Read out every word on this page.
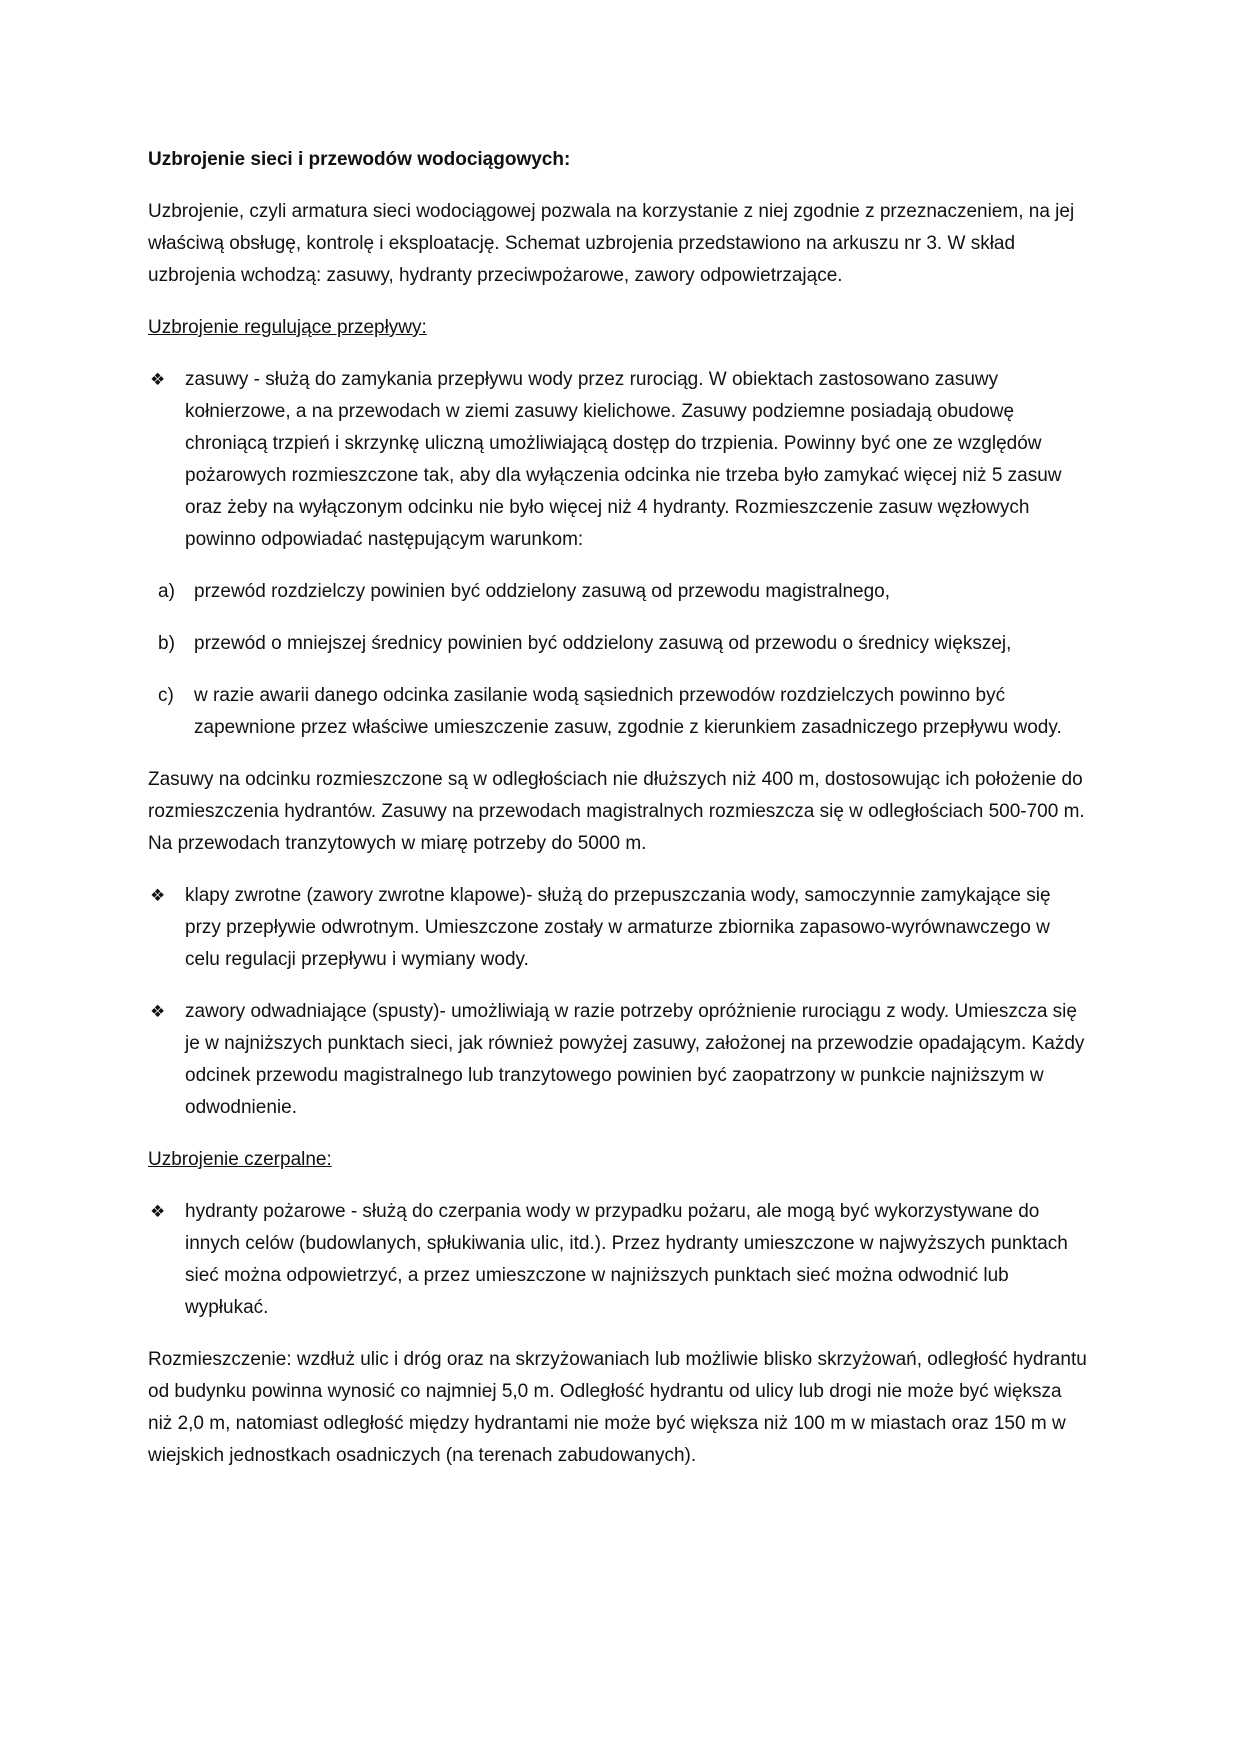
Uzbrojenie sieci i przewodów wodociągowych:

Uzbrojenie, czyli armatura sieci wodociągowej pozwala na korzystanie z niej zgodnie z przeznaczeniem, na jej właściwą obsługę, kontrolę i eksploatację. Schemat uzbrojenia przedstawiono na arkuszu nr 3. W skład uzbrojenia wchodzą: zasuwy, hydranty przeciwpożarowe, zawory odpowietrzające.

Uzbrojenie regulujące przepływy:

❖ zasuwy - służą do zamykania przepływu wody przez rurociąg. W obiektach zastosowano zasuwy kołnierzowe, a na przewodach w ziemi zasuwy kielichowe. Zasuwy podziemne posiadają obudowę chroniącą trzpień i skrzynkę uliczną umożliwiającą dostęp do trzpienia. Powinny być one ze względów pożarowych rozmieszczone tak, aby dla wyłączenia odcinka nie trzeba było zamykać więcej niż 5 zasuw oraz żeby na wyłączonym odcinku nie było więcej niż 4 hydranty. Rozmieszczenie zasuw węzłowych powinno odpowiadać następującym warunkom:
a) przewód rozdzielczy powinien być oddzielony zasuwą od przewodu magistralnego,
b) przewód o mniejszej średnicy powinien być oddzielony zasuwą od przewodu o średnicy większej,
c) w razie awarii danego odcinka zasilanie wodą sąsiednich przewodów rozdzielczych powinno być zapewnione przez właściwe umieszczenie zasuw, zgodnie z kierunkiem zasadniczego przepływu wody.

Zasuwy na odcinku rozmieszczone są w odległościach nie dłuższych niż 400 m, dostosowując ich położenie do rozmieszczenia hydrantów. Zasuwy na przewodach magistralnych rozmieszcza się w odległościach 500-700 m. Na przewodach tranzytowych w miarę potrzeby do 5000 m.

❖ klapy zwrotne (zawory zwrotne klapowe)- służą do przepuszczania wody, samoczynnie zamykające się przy przepływie odwrotnym. Umieszczone zostały w armaturze zbiornika zapasowo-wyrównawczego w celu regulacji przepływu i wymiany wody.
❖ zawory odwadniające (spusty)- umożliwiają w razie potrzeby opróżnienie rurociągu z wody. Umieszcza się je w najniższych punktach sieci, jak również powyżej zasuwy, założonej na przewodzie opadającym. Każdy odcinek przewodu magistralnego lub tranzytowego powinien być zaopatrzony w punkcie najniższym w odwodnienie.

Uzbrojenie czerpalne:

❖ hydranty pożarowe - służą do czerpania wody w przypadku pożaru, ale mogą być wykorzystywane do innych celów (budowlanych, spłukiwania ulic, itd.). Przez hydranty umieszczone w najwyższych punktach sieć można odpowietrzyć, a przez umieszczone w najniższych punktach sieć można odwodnić lub wypłukać.

Rozmieszczenie: wzdłuż ulic i dróg oraz na skrzyżowaniach lub możliwie blisko skrzyżowań, odległość hydrantu od budynku powinna wynosić co najmniej 5,0 m. Odległość hydrantu od ulicy lub drogi nie może być większa niż 2,0 m, natomiast odległość między hydrantami nie może być większa niż 100 m w miastach oraz 150 m w wiejskich jednostkach osadniczych (na terenach zabudowanych).
